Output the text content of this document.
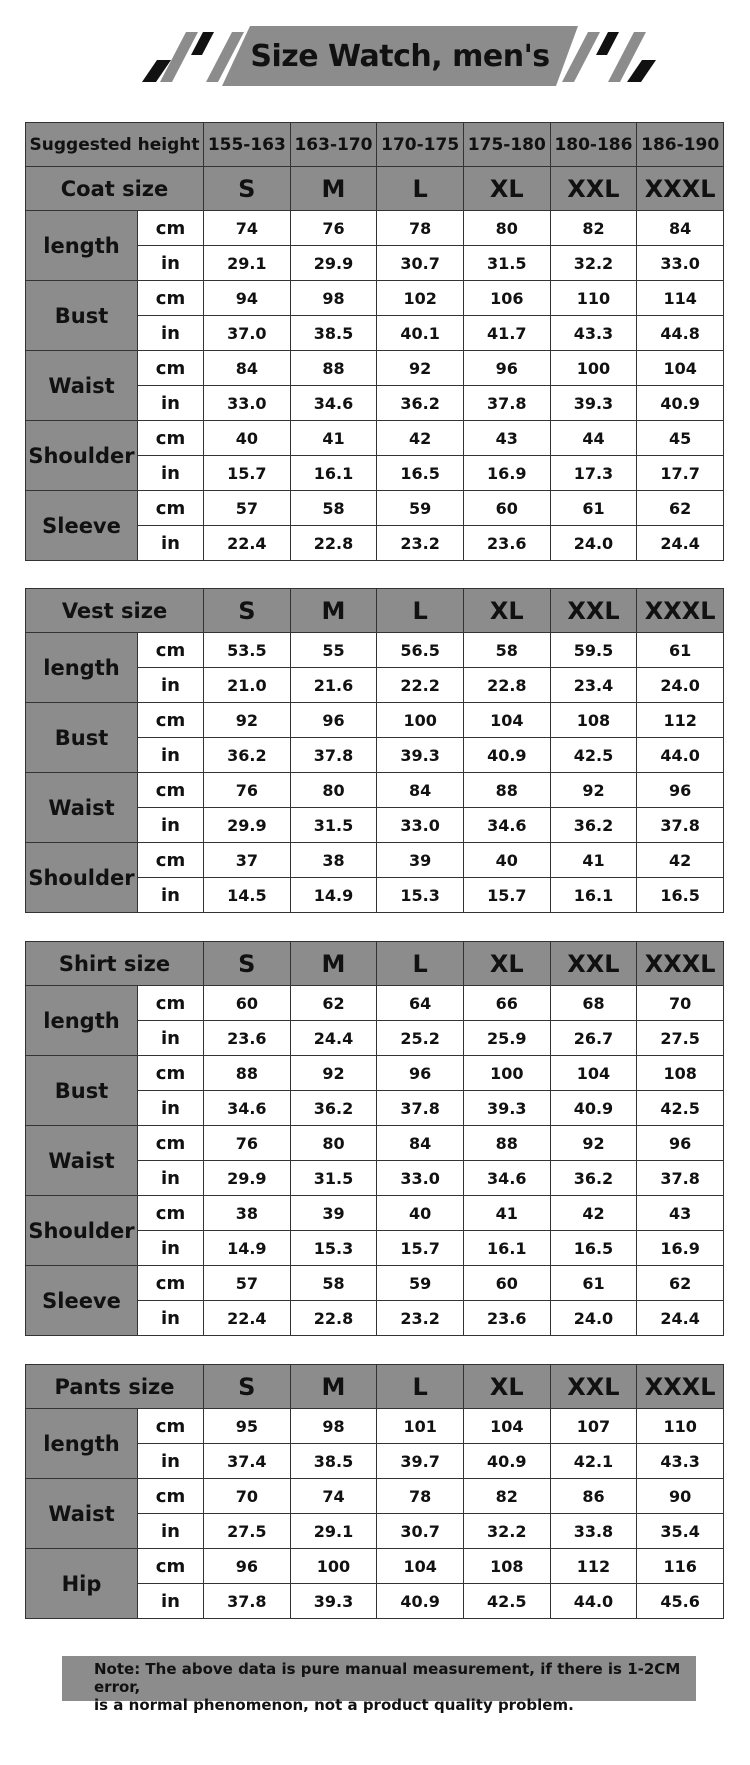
Size Watch, men's
Suggested height		155-163	163-170	170-175	175-180	180-186	186-190
Coat size		S	M	L	XL	XXL	XXXL
length	cm	74	76	78	80	82	84
	in	29.1	29.9	30.7	31.5	32.2	33.0
Bust	cm	94	98	102	106	110	114
	in	37.0	38.5	40.1	41.7	43.3	44.8
Waist	cm	84	88	92	96	100	104
	in	33.0	34.6	36.2	37.8	39.3	40.9
Shoulder	cm	40	41	42	43	44	45
	in	15.7	16.1	16.5	16.9	17.3	17.7
Sleeve	cm	57	58	59	60	61	62
	in	22.4	22.8	23.2	23.6	24.0	24.4
Vest size		S	M	L	XL	XXL	XXXL
length	cm	53.5	55	56.5	58	59.5	61
	in	21.0	21.6	22.2	22.8	23.4	24.0
Bust	cm	92	96	100	104	108	112
	in	36.2	37.8	39.3	40.9	42.5	44.0
Waist	cm	76	80	84	88	92	96
	in	29.9	31.5	33.0	34.6	36.2	37.8
Shoulder	cm	37	38	39	40	41	42
	in	14.5	14.9	15.3	15.7	16.1	16.5
Shirt size		S	M	L	XL	XXL	XXXL
length	cm	60	62	64	66	68	70
	in	23.6	24.4	25.2	25.9	26.7	27.5
Bust	cm	88	92	96	100	104	108
	in	34.6	36.2	37.8	39.3	40.9	42.5
Waist	cm	76	80	84	88	92	96
	in	29.9	31.5	33.0	34.6	36.2	37.8
Shoulder	cm	38	39	40	41	42	43
	in	14.9	15.3	15.7	16.1	16.5	16.9
Sleeve	cm	57	58	59	60	61	62
	in	22.4	22.8	23.2	23.6	24.0	24.4
Pants size		S	M	L	XL	XXL	XXXL
length	cm	95	98	101	104	107	110
	in	37.4	38.5	39.7	40.9	42.1	43.3
Waist	cm	70	74	78	82	86	90
	in	27.5	29.1	30.7	32.2	33.8	35.4
Hip	cm	96	100	104	108	112	116
	in	37.8	39.3	40.9	42.5	44.0	45.6
Note: The above data is pure manual measurement, if there is 1-2CM error,
is a normal phenomenon, not a product quality problem.
